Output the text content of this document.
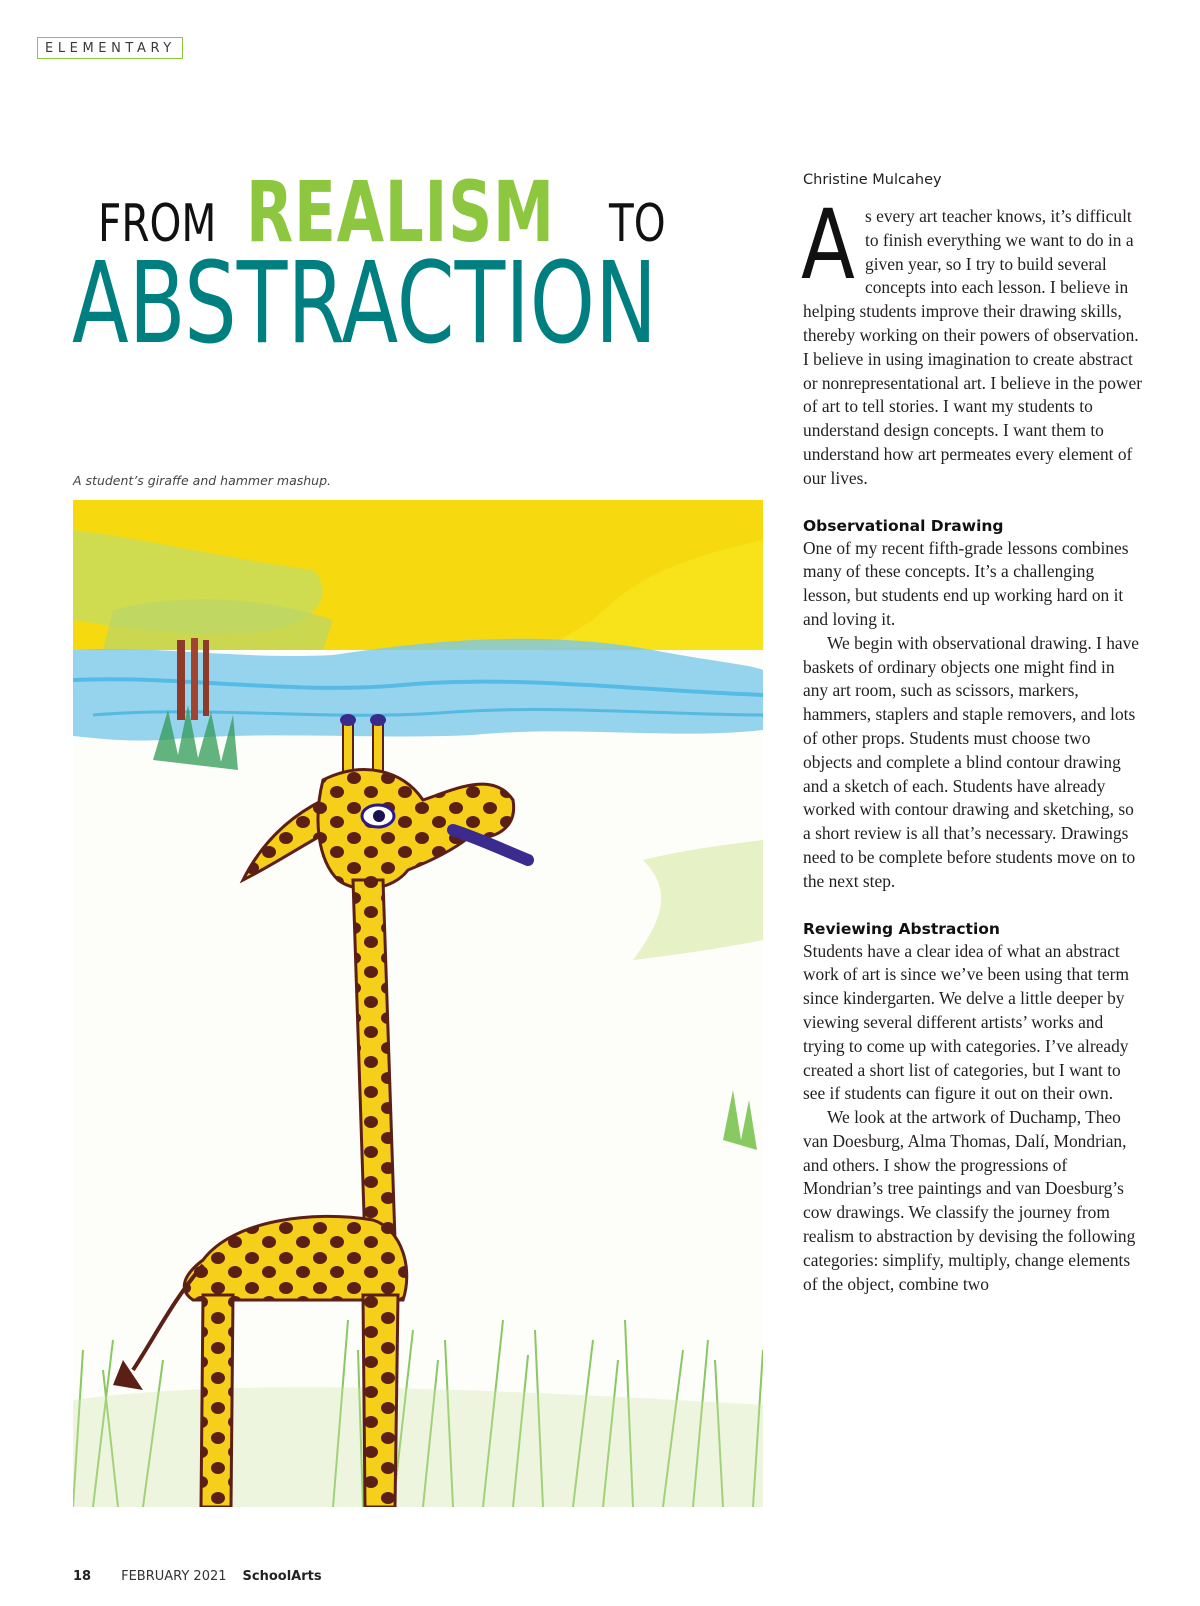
ELEMENTARY
FROM REALISM TO
ABSTRACTION
A student’s giraffe and hammer mashup.
Christine Mulcahey

As every art teacher knows, it’s difficult to finish everything we want to do in a given year, so I try to build several concepts into each lesson. I believe in helping students improve their drawing skills, thereby working on their powers of observation. I believe in using imagination to create abstract or nonrepresentational art. I believe in the power of art to tell stories. I want my students to understand design concepts. I want them to understand how art permeates every element of our lives.

Observational Drawing

One of my recent fifth-grade lessons combines many of these concepts. It’s a challenging lesson, but students end up working hard on it and loving it.

We begin with observational drawing. I have baskets of ordinary objects one might find in any art room, such as scissors, markers, hammers, staplers and staple removers, and lots of other props. Students must choose two objects and complete a blind contour drawing and a sketch of each. Students have already worked with contour drawing and sketching, so a short review is all that’s necessary. Drawings need to be complete before students move on to the next step.

Reviewing Abstraction

Students have a clear idea of what an abstract work of art is since we’ve been using that term since kindergarten. We delve a little deeper by viewing several different artists’ works and trying to come up with categories. I’ve already created a short list of categories, but I want to see if students can figure it out on their own.

We look at the artwork of Duchamp, Theo van Doesburg, Alma Thomas, Dalí, Mondrian, and others. I show the progressions of Mondrian’s tree paintings and van Doesburg’s cow drawings. We classify the journey from realism to abstraction by devising the following categories: simplify, multiply, change elements of the object, combine two

18 FEBRUARY 2021 SchoolArts
